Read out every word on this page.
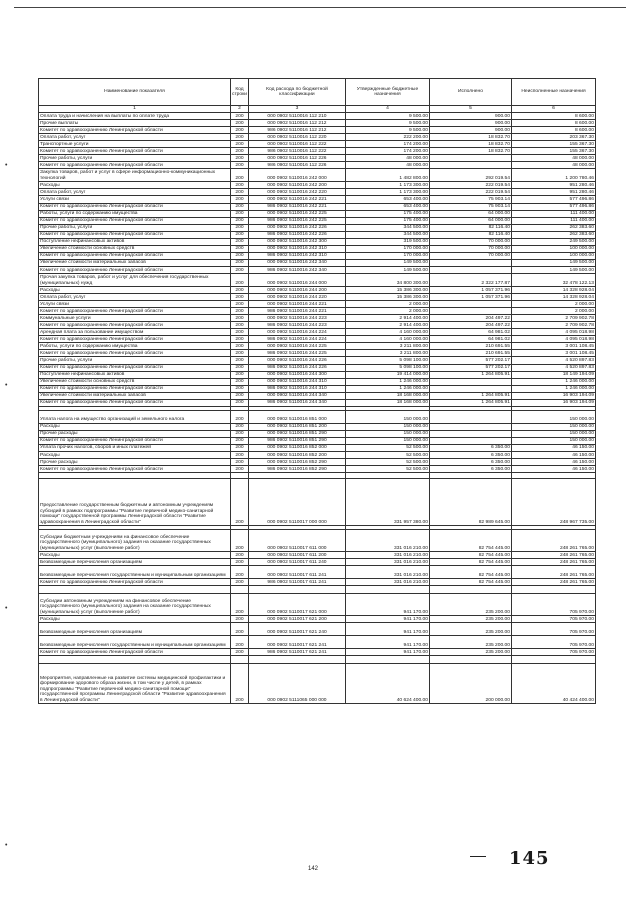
•
•
•
•
Наименование показателя	Код строки	Код расхода по бюджетной классификации	Утвержденные бюджетные назначения	Исполнено	Неисполненные назначения
1	2	3	4	5	6
Оплата труда и начисления на выплаты по оплате труда	200	000 0902 5110016 112 210	9 500.00	900.00	8 600.00
Прочие выплаты	200	000 0902 5110016 112 212	9 500.00	900.00	8 600.00
Комитет по здравоохранению Ленинградской области	200	986 0902 5110016 112 212	9 500.00	900.00	8 600.00
Оплата работ, услуг	200	000 0902 5110016 112 220	222 200.00	18 832.70	203 367.30
Транспортные услуги	200	000 0902 5110016 112 222	174 200.00	18 832.70	155 367.30
Комитет по здравоохранению Ленинградской области	200	986 0902 5110016 112 222	174 200.00	18 832.70	155 367.30
Прочие работы, услуги	200	000 0902 5110016 112 226	48 000.00		48 000.00
Комитет по здравоохранению Ленинградской области	200	986 0902 5110016 112 226	48 000.00		48 000.00
Закупка товаров, работ и услуг в сфере информационно-коммуникационных технологий	200	000 0902 5110016 242 000	1 482 800.00	292 019.54	1 200 780.46
Расходы	200	000 0902 5110016 242 200	1 173 300.00	222 019.54	951 280.46
Оплата работ, услуг	200	000 0902 5110016 242 220	1 173 300.00	222 019.54	951 280.46
Услуги связи	200	000 0902 5110016 242 221	653 400.00	75 903.14	577 496.86
Комитет по здравоохранению Ленинградской области	200	986 0902 5110016 242 221	653 400.00	75 903.14	577 496.86
Работы, услуги по содержанию имущества	200	000 0902 5110016 242 225	175 400.00	64 000.00	111 400.00
Комитет по здравоохранению Ленинградской области	200	986 0902 5110016 242 225	175 400.00	64 000.00	111 400.00
Прочие работы, услуги	200	000 0902 5110016 242 226	344 500.00	82 116.40	262 383.60
Комитет по здравоохранению Ленинградской области	200	986 0902 5110016 242 226	344 500.00	82 116.40	262 383.60
Поступление нефинансовых активов	200	000 0902 5110016 242 300	319 500.00	70 000.00	249 500.00
Увеличение стоимости основных средств	200	000 0902 5110016 242 310	170 000.00	70 000.00	100 000.00
Комитет по здравоохранению Ленинградской области	200	986 0902 5110016 242 310	170 000.00	70 000.00	100 000.00
Увеличение стоимости материальных запасов	200	000 0902 5110016 242 340	149 500.00		149 500.00
Комитет по здравоохранению Ленинградской области	200	986 0902 5110016 242 340	149 500.00		149 500.00
Прочая закупка товаров, работ и услуг для обеспечения государственных (муниципальных) нужд	200	000 0902 5110016 244 000	34 800 300.00	2 322 177.87	32 478 122.13
Расходы	200	000 0902 5110016 244 200	15 386 300.00	1 057 371.96	14 328 928.04
Оплата работ, услуг	200	000 0902 5110016 244 220	15 386 300.00	1 057 371.96	14 328 928.04
Услуги связи	200	000 0902 5110016 244 221	2 000.00		2 000.00
Комитет по здравоохранению Ленинградской области	200	986 0902 5110016 244 221	2 000.00		2 000.00
Коммунальные услуги	200	000 0902 5110016 244 223	2 914 400.00	204 497.22	2 709 902.78
Комитет по здравоохранению Ленинградской области	200	986 0902 5110016 244 223	2 914 400.00	204 497.22	2 709 902.78
Арендная плата за пользование имуществом	200	000 0902 5110016 244 224	4 160 000.00	64 981.02	4 095 018.98
Комитет по здравоохранению Ленинградской области	200	986 0902 5110016 244 224	4 160 000.00	64 981.02	4 095 018.98
Работы, услуги по содержанию имущества	200	000 0902 5110016 244 225	3 211 800.00	210 691.55	3 001 108.45
Комитет по здравоохранению Ленинградской области	200	986 0902 5110016 244 225	3 211 800.00	210 691.55	3 001 108.45
Прочие работы, услуги	200	000 0902 5110016 244 226	5 098 100.00	577 202.17	4 520 897.83
Комитет по здравоохранению Ленинградской области	200	986 0902 5110016 244 226	5 098 100.00	577 202.17	4 520 897.83
Поступление нефинансовых активов	200	000 0902 5110016 244 300	19 414 000.00	1 264 805.91	18 149 194.09
Увеличение стоимости основных средств	200	000 0902 5110016 244 310	1 246 000.00		1 246 000.00
Комитет по здравоохранению Ленинградской области	200	986 0902 5110016 244 310	1 246 000.00		1 246 000.00
Увеличение стоимости материальных запасов	200	000 0902 5110016 244 340	18 168 000.00	1 264 805.91	16 903 194.09
Комитет по здравоохранению Ленинградской области	200	986 0902 5110016 244 340	18 168 000.00	1 264 805.91	16 903 194.09

Уплата налога на имущество организаций и земельного налога	200	000 0902 5110016 851 000	150 000.00		150 000.00
Расходы	200	000 0902 5110016 851 200	150 000.00		150 000.00
Прочие расходы	200	000 0902 5110016 851 290	150 000.00		150 000.00
Комитет по здравоохранению Ленинградской области	200	986 0902 5110016 851 290	150 000.00		150 000.00
Уплата прочих налогов, сборов и иных платежей	200	000 0902 5110016 852 000	52 500.00	6 350.00	46 150.00
Расходы	200	000 0902 5110016 852 200	52 500.00	6 350.00	46 150.00
Прочие расходы	200	000 0902 5110016 852 290	52 500.00	6 350.00	46 150.00
Комитет по здравоохранению Ленинградской области	200	986 0902 5110016 852 290	52 500.00	6 350.00	46 150.00

Предоставление государственным бюджетным и автономным учреждениям субсидий в рамках подпрограммы "Развитие первичной медико-санитарной помощи" государственной программы Ленинградской области "Развитие здравоохранения в Ленинградской области"	200	000 0902 5110017 000 000	331 957 380.00	82 989 645.00	248 967 735.00

Субсидии бюджетным учреждениям на финансовое обеспечение государственного (муниципального) задания на оказание государственных (муниципальных) услуг (выполнение работ)	200	000 0902 5110017 611 000	331 016 210.00	82 754 445.00	248 261 765.00
Расходы	200	000 0902 5110017 611 200	331 016 210.00	82 754 445.00	248 261 765.00
Безвозмездные перечисления организациям	200	000 0902 5110017 611 240	331 016 210.00	82 754 445.00	248 261 765.00
Безвозмездные перечисления государственным и муниципальным организациям	200	000 0902 5110017 611 241	331 016 210.00	82 754 445.00	248 261 765.00
Комитет по здравоохранению Ленинградской области	200	986 0902 5110017 611 241	331 016 210.00	82 754 445.00	248 261 765.00

Субсидии автономным учреждениям на финансовое обеспечение государственного (муниципального) задания на оказание государственных (муниципальных) услуг (выполнение работ)	200	000 0902 5110017 621 000	941 170.00	235 200.00	705 970.00
Расходы	200	000 0902 5110017 621 200	941 170.00	235 200.00	705 970.00
Безвозмездные перечисления организациям	200	000 0902 5110017 621 240	941 170.00	235 200.00	705 970.00
Безвозмездные перечисления государственным и муниципальным организациям	200	000 0902 5110017 621 241	941 170.00	235 200.00	705 970.00
Комитет по здравоохранению Ленинградской области	200	986 0902 5110017 621 241	941 170.00	235 200.00	705 970.00

Мероприятия, направленные на развитие системы медицинской профилактики и формирование здорового образа жизни, в том числе у детей, в рамках подпрограммы "Развитие первичной медико-санитарной помощи" государственной программы Ленинградской области "Развитие здравоохранения в Ленинградской области"	200	000 0902 5111065 000 000	40 624 400.00	200 000.00	40 424 400.00
142	145
